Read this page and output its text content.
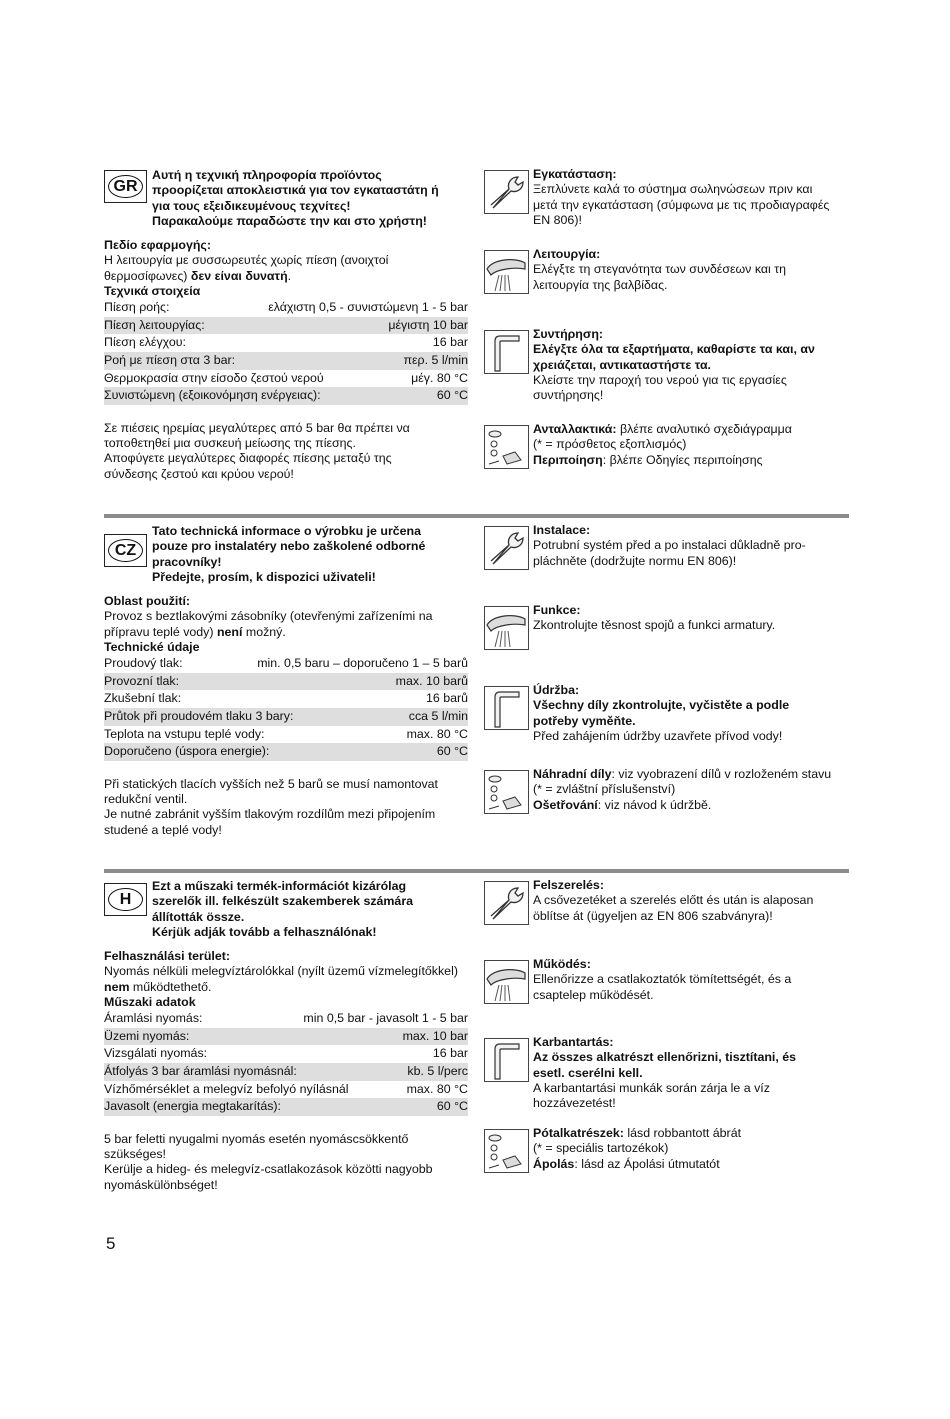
GR
Αυτή η τεχνική πληροφορία προϊόντος
προορίζεται αποκλειστικά για τον εγκαταστάτη ή
για τους εξειδικευμένους τεχνίτες!
Παρακαλούμε παραδώστε την και στο χρήστη!
Πεδίο εφαρμογής:
Η λειτουργία με συσσωρευτές χωρίς πίεση (ανοιχτοί θερμοσίφωνες) δεν είναι δυνατή.
Τεχνικά στοιχεία
Πίεση ροής:	ελάχιστη 0,5 - συνιστώμενη 1 - 5 bar
Πίεση λειτουργίας:	μέγιστη 10 bar
Πίεση ελέγχου:	16 bar
Ροή με πίεση στα 3 bar:	περ. 5 l/min
Θερμοκρασία στην είσοδο ζεστού νερού	μέγ. 80 °C
Συνιστώμενη (εξοικονόμηση ενέργειας):	60 °C
Σε πιέσεις ηρεμίας μεγαλύτερες από 5 bar θα πρέπει να
τοποθετηθεί μια συσκευή μείωσης της πίεσης.
Αποφύγετε μεγαλύτερες διαφορές πίεσης μεταξύ της
σύνδεσης ζεστού και κρύου νερού!
Εγκατάσταση:
Ξεπλύνετε καλά το σύστημα σωληνώσεων πριν και
μετά την εγκατάσταση (σύμφωνα με τις προδιαγραφές
EN 806)!
Λειτουργία:
Ελέγξτε τη στεγανότητα των συνδέσεων και τη
λειτουργία της βαλβίδας.
Συντήρηση:
Ελέγξτε όλα τα εξαρτήματα, καθαρίστε τα και, αν
χρειάζεται, αντικαταστήστε τα.
Κλείστε την παροχή του νερού για τις εργασίες
συντήρησης!
Ανταλλακτικά: βλέπε αναλυτικό σχεδιάγραμμα
(* = πρόσθετος εξοπλισμός)
Περιποίηση: βλέπε Οδηγίες περιποίησης
CZ
Tato technická informace o výrobku je určena
pouze pro instalatéry nebo zaškolené odborné
pracovníky!
Předejte, prosím, k dispozici uživateli!
Oblast použití:
Provoz s beztlakovými zásobníky (otevřenými zařízeními na přípravu teplé vody) není možný.
Technické údaje
Proudový tlak:	min. 0,5 baru – doporučeno 1 – 5 barů
Provozní tlak:	max. 10 barů
Zkušební tlak:	16 barů
Průtok při proudovém tlaku 3 bary:	cca 5 l/min
Teplota na vstupu teplé vody:	max. 80 °C
Doporučeno (úspora energie):	60 °C
Při statických tlacích vyšších než 5 barů se musí namontovat
redukční ventil.
Je nutné zabránit vyšším tlakovým rozdílům mezi připojením
studené a teplé vody!
Instalace:
Potrubní systém před a po instalaci důkladně pro-
pláchněte (dodržujte normu EN 806)!
Funkce:
Zkontrolujte těsnost spojů a funkci armatury.
Údržba:
Všechny díly zkontrolujte, vyčistěte a podle
potřeby vyměňte.
Před zahájením údržby uzavřete přívod vody!
Náhradní díly: viz vyobrazení dílů v rozloženém stavu
(* = zvláštní příslušenství)
Ošetřování: viz návod k údržbě.
H
Ezt a műszaki termék-információt kizárólag
szerelők ill. felkészült szakemberek számára
állították össze.
Kérjük adják tovább a felhasználónak!
Felhasználási terület:
Nyomás nélküli melegvíztárolókkal (nyílt üzemű vízmelegítőkkel) nem működtethető.
Műszaki adatok
Áramlási nyomás:	min 0,5 bar - javasolt 1 - 5 bar
Üzemi nyomás:	max. 10 bar
Vizsgálati nyomás:	16 bar
Átfolyás 3 bar áramlási nyomásnál:	kb. 5 l/perc
Vízhőmérséklet a melegvíz befolyó nyílásnál	max. 80 °C
Javasolt (energia megtakarítás):	60 °C
5 bar feletti nyugalmi nyomás esetén nyomáscsökkentő
szükséges!
Kerülje a hideg- és melegvíz-csatlakozások közötti nagyobb
nyomáskülönbséget!
Felszerelés:
A csővezetéket a szerelés előtt és után is alaposan
öblítse át (ügyeljen az EN 806 szabványra)!
Működés:
Ellenőrizze a csatlakoztatók tömítettségét, és a
csaptelep működését.
Karbantartás:
Az összes alkatrészt ellenőrizni, tisztítani, és
esetl. cserélni kell.
A karbantartási munkák során zárja le a víz
hozzávezetést!
Pótalkatrészek: lásd robbantott ábrát
(* = speciális tartozékok)
Ápolás: lásd az Ápolási útmutatót
5
